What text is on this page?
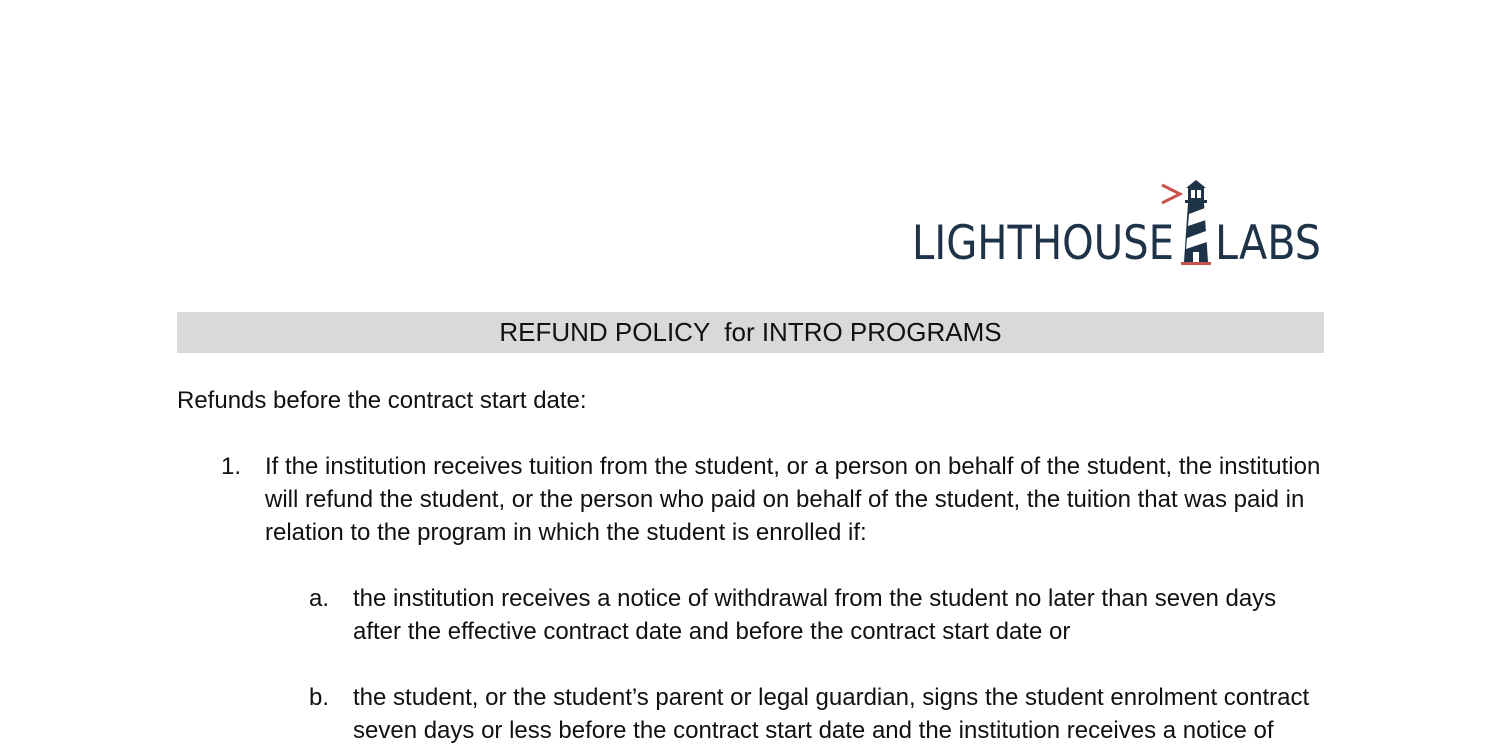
LIGHTHOUSE LABS
REFUND POLICY  for INTRO PROGRAMS
Refunds before the contract start date:
1. If the institution receives tuition from the student, or a person on behalf of the student, the institution will refund the student, or the person who paid on behalf of the student, the tuition that was paid in relation to the program in which the student is enrolled if:
a. the institution receives a notice of withdrawal from the student no later than seven days after the effective contract date and before the contract start date or
b. the student, or the student’s parent or legal guardian, signs the student enrolment contract seven days or less before the contract start date and the institution receives a notice of
